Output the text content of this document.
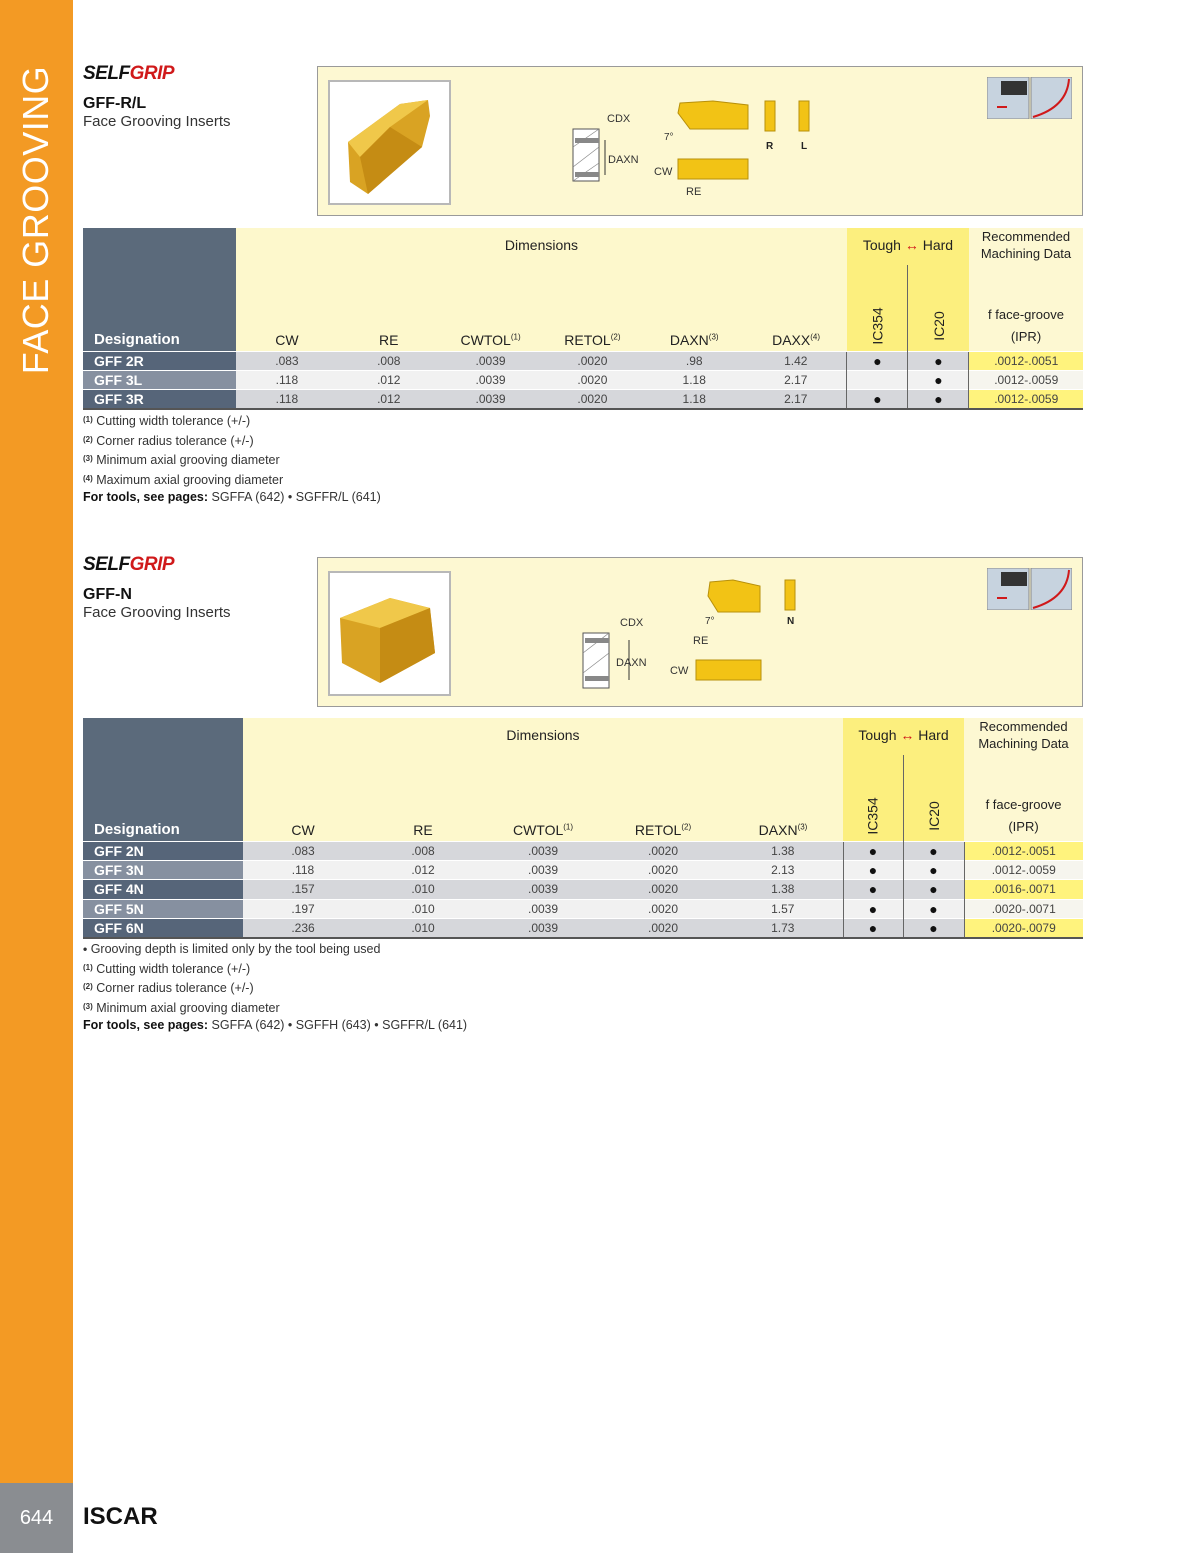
FACE GROOVING
644	ISCAR
SELFGRIP
GFF-R/L
Face Grooving Inserts	CDX
DAXN
7°
CW
RE
R	L
Designation	Dimensions						Tough ↔ Hard		Recommended
Machining Data
	CW	RE	CWTOL$^{(1)}$	RETOL$^{(2)}$	DAXN$^{(3)}$	DAXX$^{(4)}$	IC354	IC20	f face-groove
(IPR)
GFF 2R	.083	.008	.0039	.0020	.98	1.42	●	●	.0012-.0051
GFF 3L	.118	.012	.0039	.0020	1.18	2.17		●	.0012-.0059
GFF 3R	.118	.012	.0039	.0020	1.18	2.17	●	●	.0012-.0059
$^{(1)}$ Cutting width tolerance (+/-)
$^{(2)}$ Corner radius tolerance (+/-)
$^{(3)}$ Minimum axial grooving diameter
$^{(4)}$ Maximum axial grooving diameter
For tools, see pages: SGFFA (642) • SGFFR/L (641)
SELFGRIP
GFF-N
Face Grooving Inserts
CDX
DAXN
7°
RE
CW
N
Designation	Dimensions					Tough ↔ Hard		Recommended
Machining Data
	CW	RE	CWTOL$^{(1)}$	RETOL$^{(2)}$	DAXN$^{(3)}$	IC354	IC20	f face-groove
(IPR)
GFF 2N	.083	.008	.0039	.0020	1.38	●	●	.0012-.0051
GFF 3N	.118	.012	.0039	.0020	2.13	●	●	.0012-.0059
GFF 4N	.157	.010	.0039	.0020	1.38	●	●	.0016-.0071
GFF 5N	.197	.010	.0039	.0020	1.57	●	●	.0020-.0071
GFF 6N	.236	.010	.0039	.0020	1.73	●	●	.0020-.0079
• Grooving depth is limited only by the tool being used
$^{(1)}$ Cutting width tolerance (+/-)
$^{(2)}$ Corner radius tolerance (+/-)
$^{(3)}$ Minimum axial grooving diameter
For tools, see pages: SGFFA (642) • SGFFH (643) • SGFFR/L (641)
